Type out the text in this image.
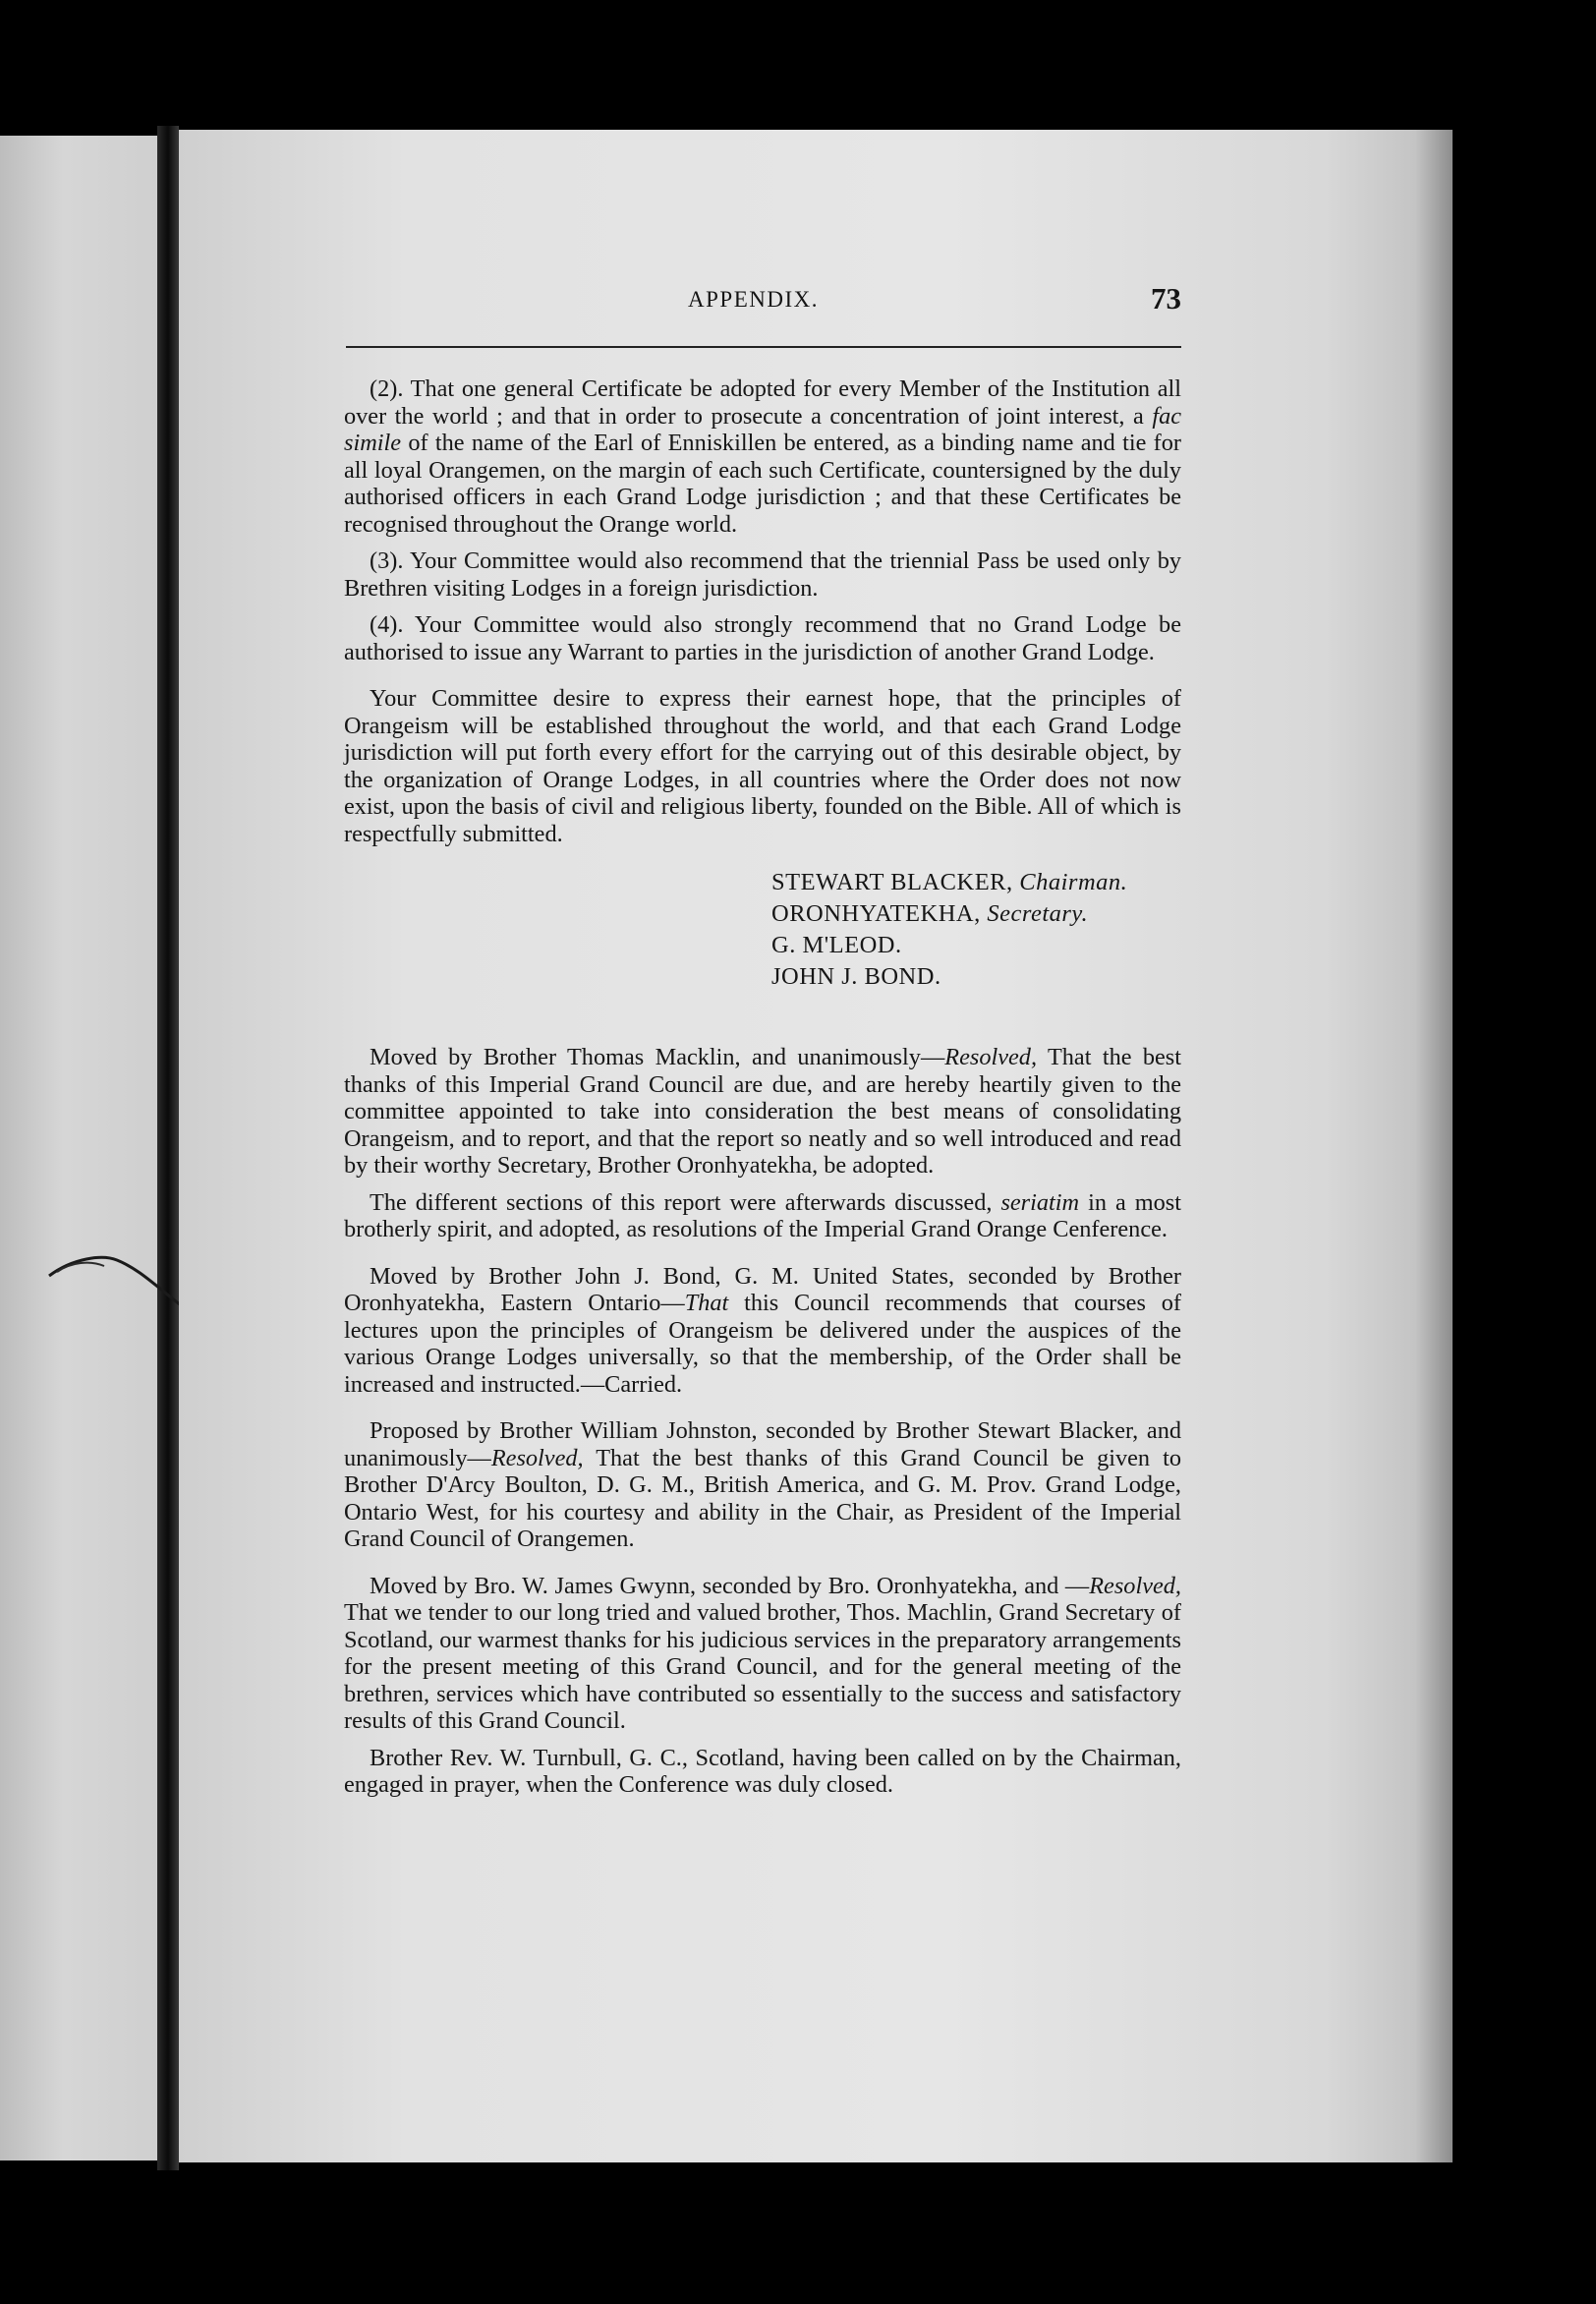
APPENDIX.	73

(2). That one general Certificate be adopted for every Member of the Institution all over the world ; and that in order to prosecute a concentration of joint interest, a fac simile of the name of the Earl of Enniskillen be entered, as a binding name and tie for all loyal Orangemen, on the margin of each such Certificate, countersigned by the duly authorised officers in each Grand Lodge jurisdiction ; and that these Certificates be recognised throughout the Orange world.

(3). Your Committee would also recommend that the triennial Pass be used only by Brethren visiting Lodges in a foreign jurisdiction.

(4). Your Committee would also strongly recommend that no Grand Lodge be authorised to issue any Warrant to parties in the jurisdiction of another Grand Lodge.

Your Committee desire to express their earnest hope, that the principles of Orangeism will be established throughout the world, and that each Grand Lodge jurisdiction will put forth every effort for the carrying out of this desirable object, by the organization of Orange Lodges, in all countries where the Order does not now exist, upon the basis of civil and religious liberty, founded on the Bible. All of which is respectfully submitted.

STEWART BLACKER, Chairman.
ORONHYATEKHA, Secretary.
G. M'LEOD.
JOHN J. BOND.

Moved by Brother Thomas Macklin, and unanimously—Resolved, That the best thanks of this Imperial Grand Council are due, and are hereby heartily given to the committee appointed to take into consideration the best means of consolidating Orangeism, and to report, and that the report so neatly and so well introduced and read by their worthy Secretary, Brother Oronhyatekha, be adopted.

The different sections of this report were afterwards discussed, seriatim in a most brotherly spirit, and adopted, as resolutions of the Imperial Grand Orange Cenference.

Moved by Brother John J. Bond, G. M. United States, seconded by Brother Oronhyatekha, Eastern Ontario—That this Council recommends that courses of lectures upon the principles of Orangeism be delivered under the auspices of the various Orange Lodges universally, so that the membership, of the Order shall be increased and instructed.—Carried.

Proposed by Brother William Johnston, seconded by Brother Stewart Blacker, and unanimously—Resolved, That the best thanks of this Grand Council be given to Brother D'Arcy Boulton, D. G. M., British America, and G. M. Prov. Grand Lodge, Ontario West, for his courtesy and ability in the Chair, as President of the Imperial Grand Council of Orangemen.

Moved by Bro. W. James Gwynn, seconded by Bro. Oronhyatekha, and —Resolved, That we tender to our long tried and valued brother, Thos. Machlin, Grand Secretary of Scotland, our warmest thanks for his judicious services in the preparatory arrangements for the present meeting of this Grand Council, and for the general meeting of the brethren, services which have contributed so essentially to the success and satisfactory results of this Grand Council.

Brother Rev. W. Turnbull, G. C., Scotland, having been called on by the Chairman, engaged in prayer, when the Conference was duly closed.
